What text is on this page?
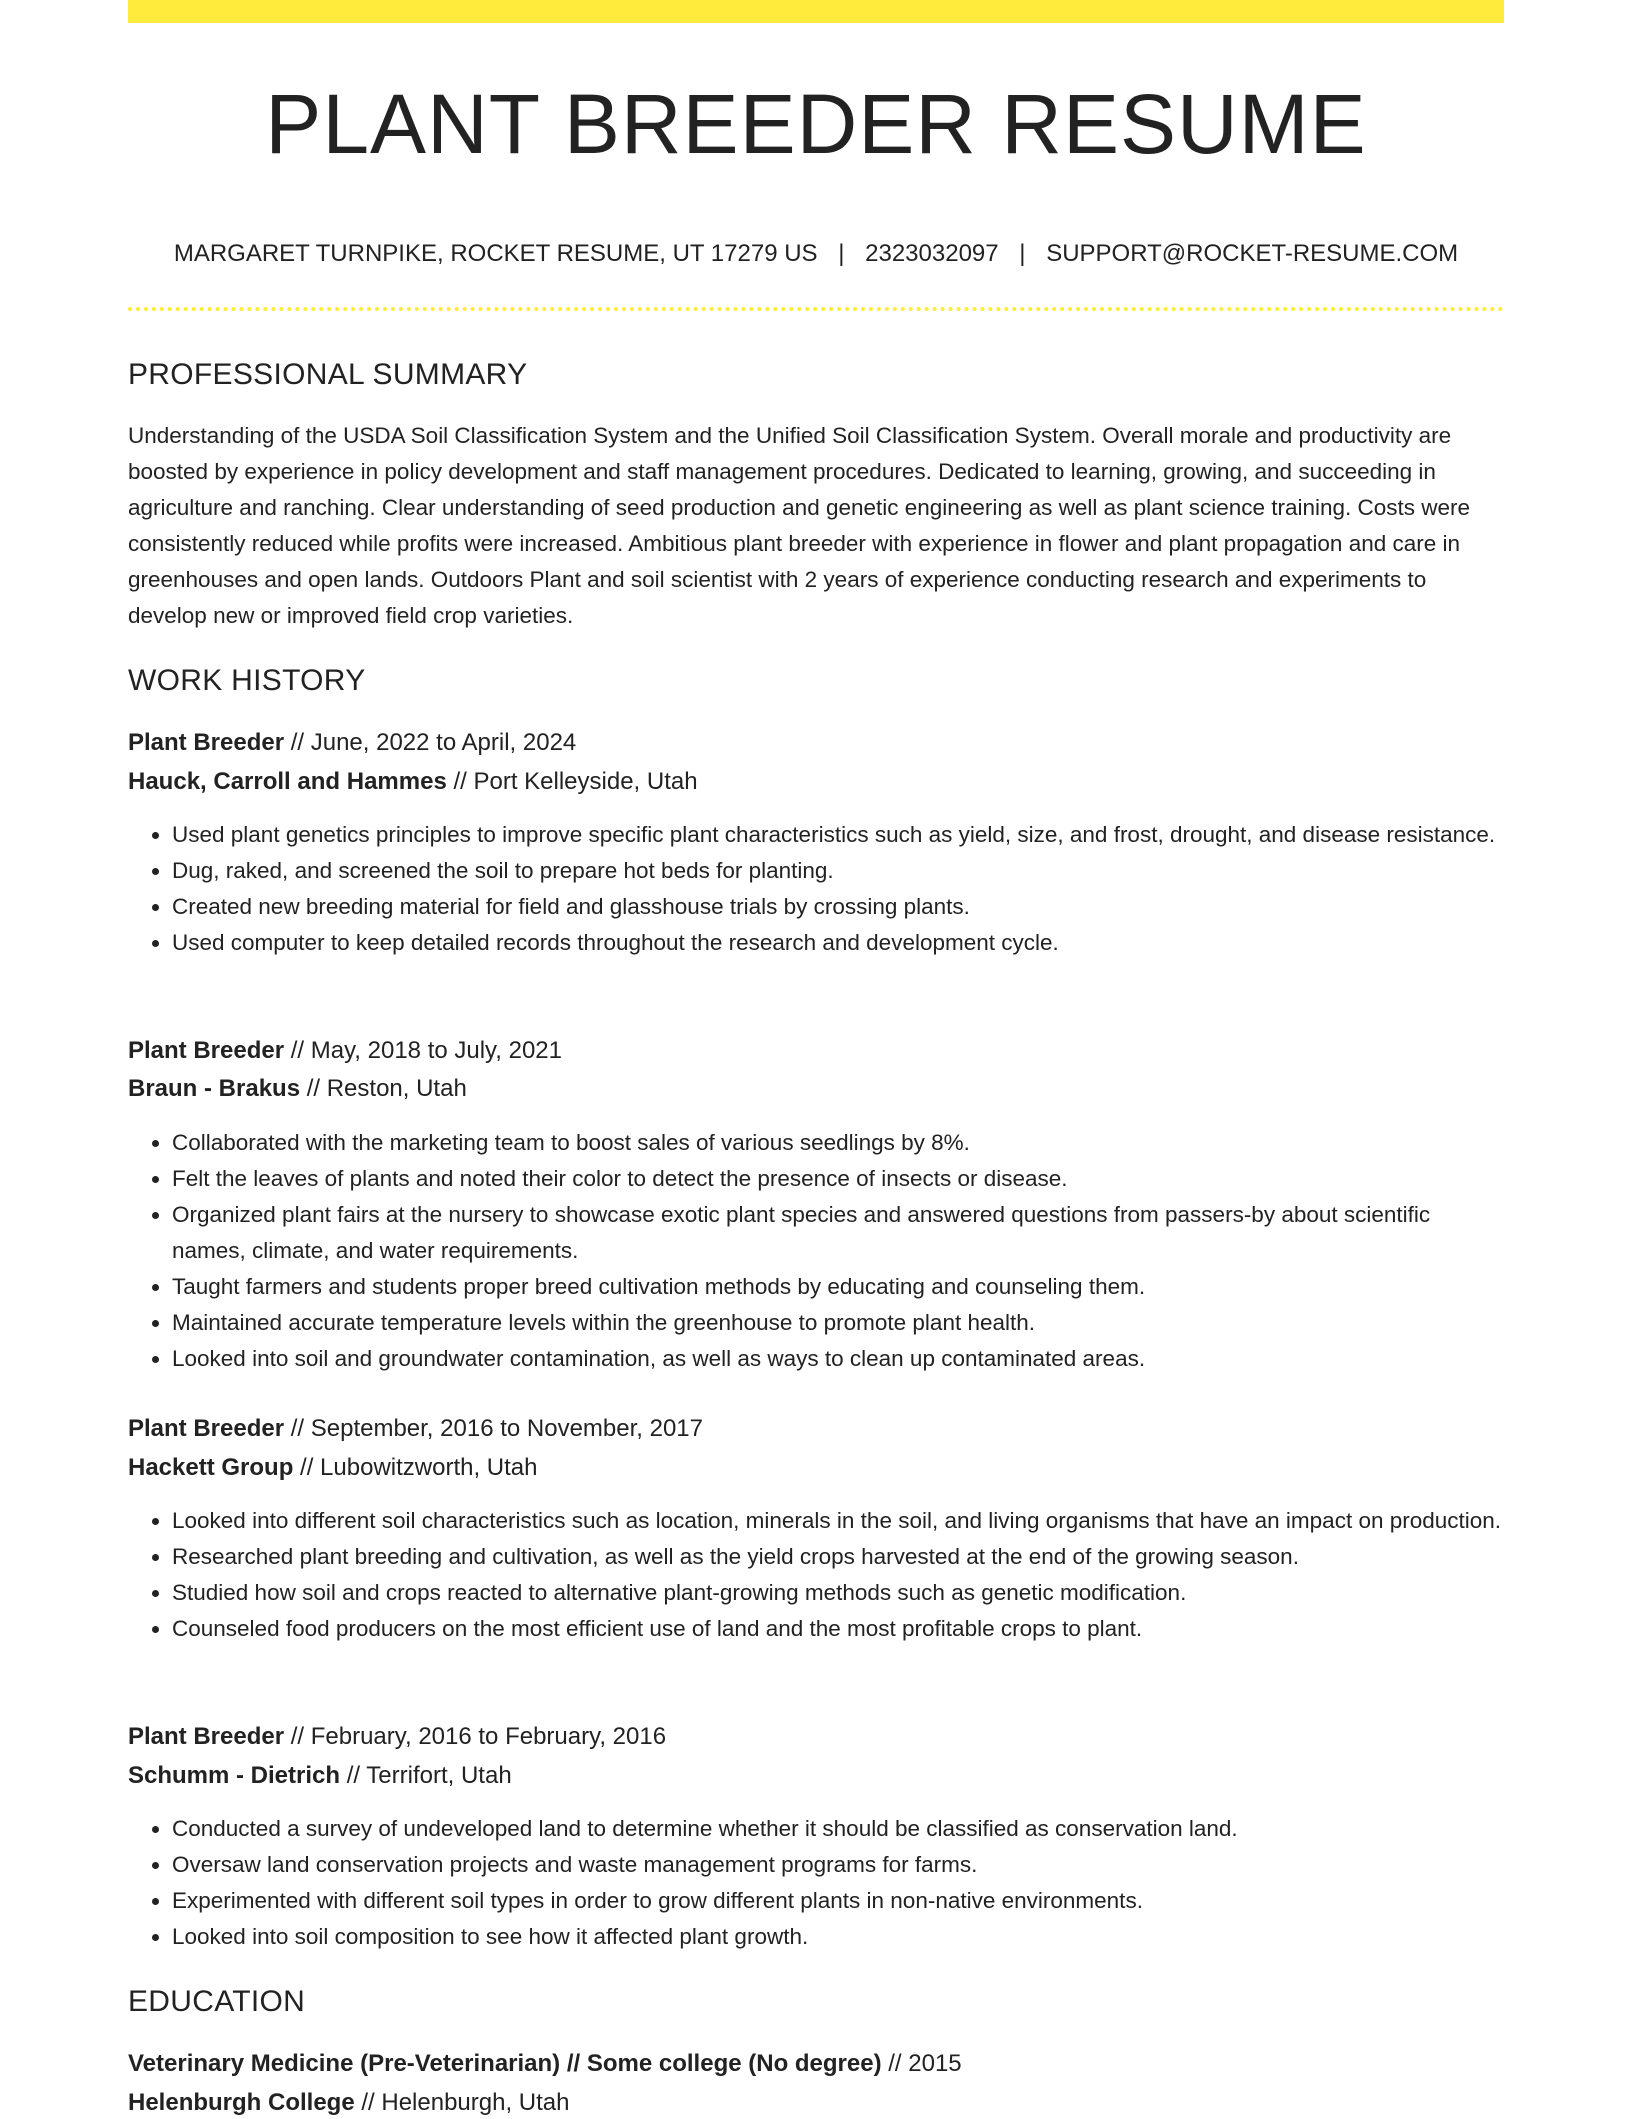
PLANT BREEDER RESUME
MARGARET TURNPIKE, ROCKET RESUME, UT 17279 US | 2323032097 | SUPPORT@ROCKET-RESUME.COM
PROFESSIONAL SUMMARY
Understanding of the USDA Soil Classification System and the Unified Soil Classification System. Overall morale and productivity are boosted by experience in policy development and staff management procedures. Dedicated to learning, growing, and succeeding in agriculture and ranching. Clear understanding of seed production and genetic engineering as well as plant science training. Costs were consistently reduced while profits were increased. Ambitious plant breeder with experience in flower and plant propagation and care in greenhouses and open lands. Outdoors Plant and soil scientist with 2 years of experience conducting research and experiments to develop new or improved field crop varieties.
WORK HISTORY
Plant Breeder // June, 2022 to April, 2024
Hauck, Carroll and Hammes // Port Kelleyside, Utah
• Used plant genetics principles to improve specific plant characteristics such as yield, size, and frost, drought, and disease resistance.
• Dug, raked, and screened the soil to prepare hot beds for planting.
• Created new breeding material for field and glasshouse trials by crossing plants.
• Used computer to keep detailed records throughout the research and development cycle.
Plant Breeder // May, 2018 to July, 2021
Braun - Brakus // Reston, Utah
• Collaborated with the marketing team to boost sales of various seedlings by 8%.
• Felt the leaves of plants and noted their color to detect the presence of insects or disease.
• Organized plant fairs at the nursery to showcase exotic plant species and answered questions from passers-by about scientific names, climate, and water requirements.
• Taught farmers and students proper breed cultivation methods by educating and counseling them.
• Maintained accurate temperature levels within the greenhouse to promote plant health.
• Looked into soil and groundwater contamination, as well as ways to clean up contaminated areas.
Plant Breeder // September, 2016 to November, 2017
Hackett Group // Lubowitzworth, Utah
• Looked into different soil characteristics such as location, minerals in the soil, and living organisms that have an impact on production.
• Researched plant breeding and cultivation, as well as the yield crops harvested at the end of the growing season.
• Studied how soil and crops reacted to alternative plant-growing methods such as genetic modification.
• Counseled food producers on the most efficient use of land and the most profitable crops to plant.
Plant Breeder // February, 2016 to February, 2016
Schumm - Dietrich // Terrifort, Utah
• Conducted a survey of undeveloped land to determine whether it should be classified as conservation land.
• Oversaw land conservation projects and waste management programs for farms.
• Experimented with different soil types in order to grow different plants in non-native environments.
• Looked into soil composition to see how it affected plant growth.
EDUCATION
Veterinary Medicine (Pre-Veterinarian) // Some college (No degree) // 2015
Helenburgh College // Helenburgh, Utah
